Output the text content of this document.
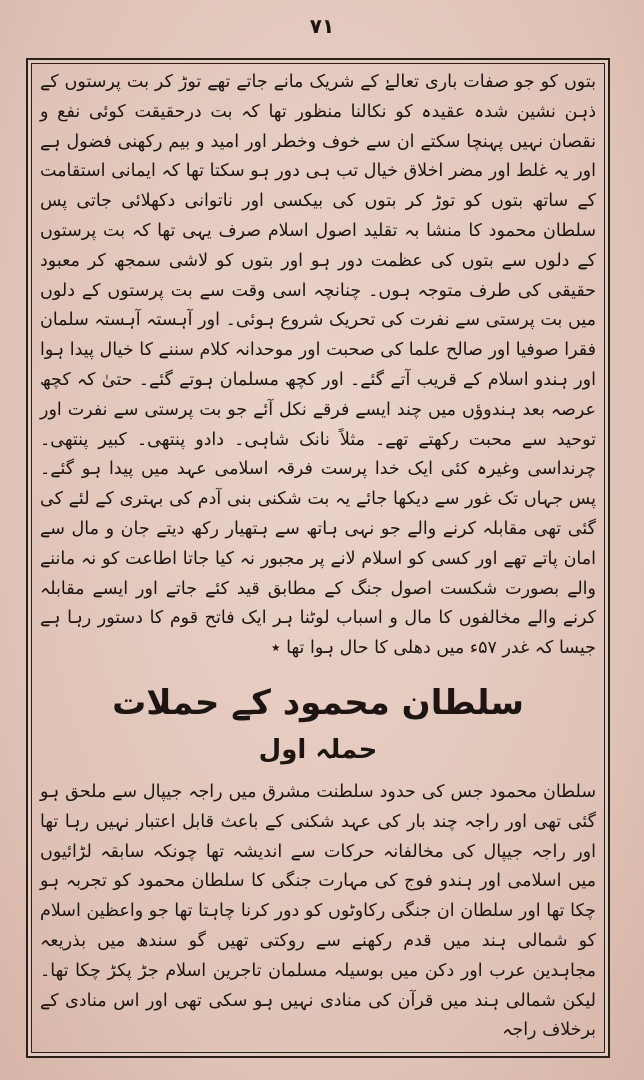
۷۱

بتوں کو جو صفات باری تعالےٰ کے شریک مانے جاتے تھے توڑ کر بت پرستوں کے ذہن نشین شدہ عقیدہ کو نکالنا منظور تھا کہ بت درحقیقت کوئی نفع و نقصان نہیں پہنچا سکتے ان سے خوف وخطر اور امید و بیم رکھنی فضول ہے اور یہ غلط اور مضر اخلاق خیال تب ہی دور ہو سکتا تھا کہ ایمانی استقامت کے ساتھ بتوں کو توڑ کر بتوں کی بیکسی اور ناتوانی دکھلائی جاتی پس سلطان محمود کا منشا بہ تقلید اصول اسلام صرف یہی تھا کہ بت پرستوں کے دلوں سے بتوں کی عظمت دور ہو اور بتوں کو لاشی سمجھ کر معبود حقیقی کی طرف متوجہ ہوں۔ چنانچہ اسی وقت سے بت پرستوں کے دلوں میں بت پرستی سے نفرت کی تحریک شروع ہوئی۔ اور آہستہ آہستہ سلمان فقرا صوفیا اور صالح علما کی صحبت اور موحدانہ کلام سننے کا خیال پیدا ہوا اور ہندو اسلام کے قریب آتے گئے۔ اور کچھ مسلمان ہوتے گئے۔ حتیٰ کہ کچھ عرصہ بعد ہندوؤں میں چند ایسے فرقے نکل آئے جو بت پرستی سے نفرت اور توحید سے محبت رکھتے تھے۔ مثلاً نانک شاہی۔ دادو پنتھی۔ کبیر پنتھی۔ چرنداسی وغیرہ کئی ایک خدا پرست فرقہ اسلامی عہد میں پیدا ہو گئے۔ پس جہاں تک غور سے دیکھا جائے یہ بت شکنی بنی آدم کی بہتری کے لئے کی گئی تھی مقابلہ کرنے والے جو نہی ہاتھ سے ہتھیار رکھ دیتے جان و مال سے امان پاتے تھے اور کسی کو اسلام لانے پر مجبور نہ کیا جاتا اطاعت کو نہ ماننے والے بصورت شکست اصول جنگ کے مطابق قید کئے جاتے اور ایسے مقابلہ کرنے والے مخالفوں کا مال و اسباب لوٹنا ہر ایک فاتح قوم کا دستور رہا ہے جیسا کہ غدر ۵۷ء میں دھلی کا حال ہوا تھا ٭

سلطان محمود کے حملات
حملہ اول

سلطان محمود جس کی حدود سلطنت مشرق میں راجہ جیپال سے ملحق ہو گئی تھی اور راجہ چند بار کی عہد شکنی کے باعث قابل اعتبار نہیں رہا تھا اور راجہ جیپال کی مخالفانہ حرکات سے اندیشہ تھا چونکہ سابقہ لڑائیوں میں اسلامی اور ہندو فوج کی مہارت جنگی کا سلطان محمود کو تجربہ ہو چکا تھا اور سلطان ان جنگی رکاوٹوں کو دور کرنا چاہتا تھا جو واعظین اسلام کو شمالی ہند میں قدم رکھنے سے روکتی تھیں گو سندھ میں بذریعہ مجاہدین عرب اور دکن میں بوسیلہ مسلمان تاجرین اسلام جڑ پکڑ چکا تھا۔ لیکن شمالی ہند میں قرآن کی منادی نہیں ہو سکی تھی اور اس منادی کے برخلاف راجہ
